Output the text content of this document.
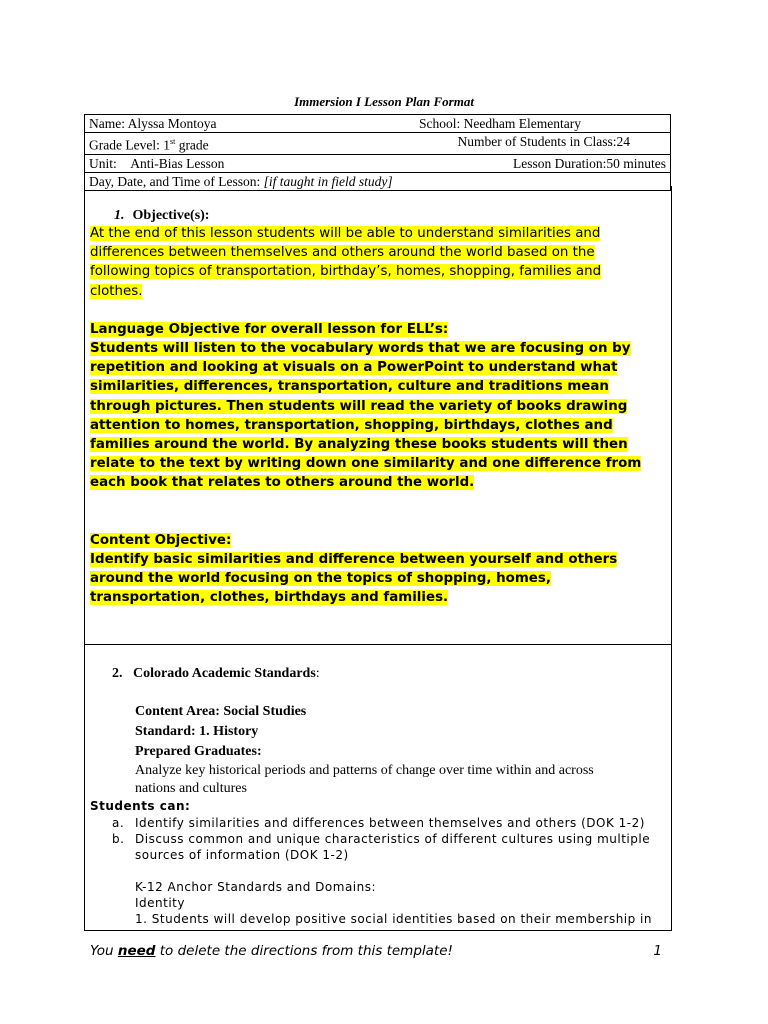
Immersion I Lesson Plan Format
Name: Alyssa Montoya	School: Needham Elementary

Grade Level: 1st grade	Number of Students in Class:24

Unit: Anti-Bias Lesson	Lesson Duration:50 minutes

Day, Date, and Time of Lesson: [if taught in field study]
1. Objective(s):

At the end of this lesson students will be able to understand similarities and
differences between themselves and others around the world based on the
following topics of transportation, birthday’s, homes, shopping, families and
clothes.

Language Objective for overall lesson for ELL’s:
Students will listen to the vocabulary words that we are focusing on by
repetition and looking at visuals on a PowerPoint to understand what
similarities, differences, transportation, culture and traditions mean
through pictures. Then students will read the variety of books drawing
attention to homes, transportation, shopping, birthdays, clothes and
families around the world. By analyzing these books students will then
relate to the text by writing down one similarity and one difference from
each book that relates to others around the world.

Content Objective:
Identify basic similarities and difference between yourself and others
around the world focusing on the topics of shopping, homes,
transportation, clothes, birthdays and families.

2. Colorado Academic Standards:
Content Area: Social Studies
Standard: 1. History
Prepared Graduates:
Analyze key historical periods and patterns of change over time within and across
nations and cultures
Students can:
a. Identify similarities and differences between themselves and others (DOK 1-2)
b. Discuss common and unique characteristics of different cultures using multiple
sources of information (DOK 1-2)
K-12 Anchor Standards and Domains:
Identity
1. Students will develop positive social identities based on their membership in
You need to delete the directions from this template!	1
